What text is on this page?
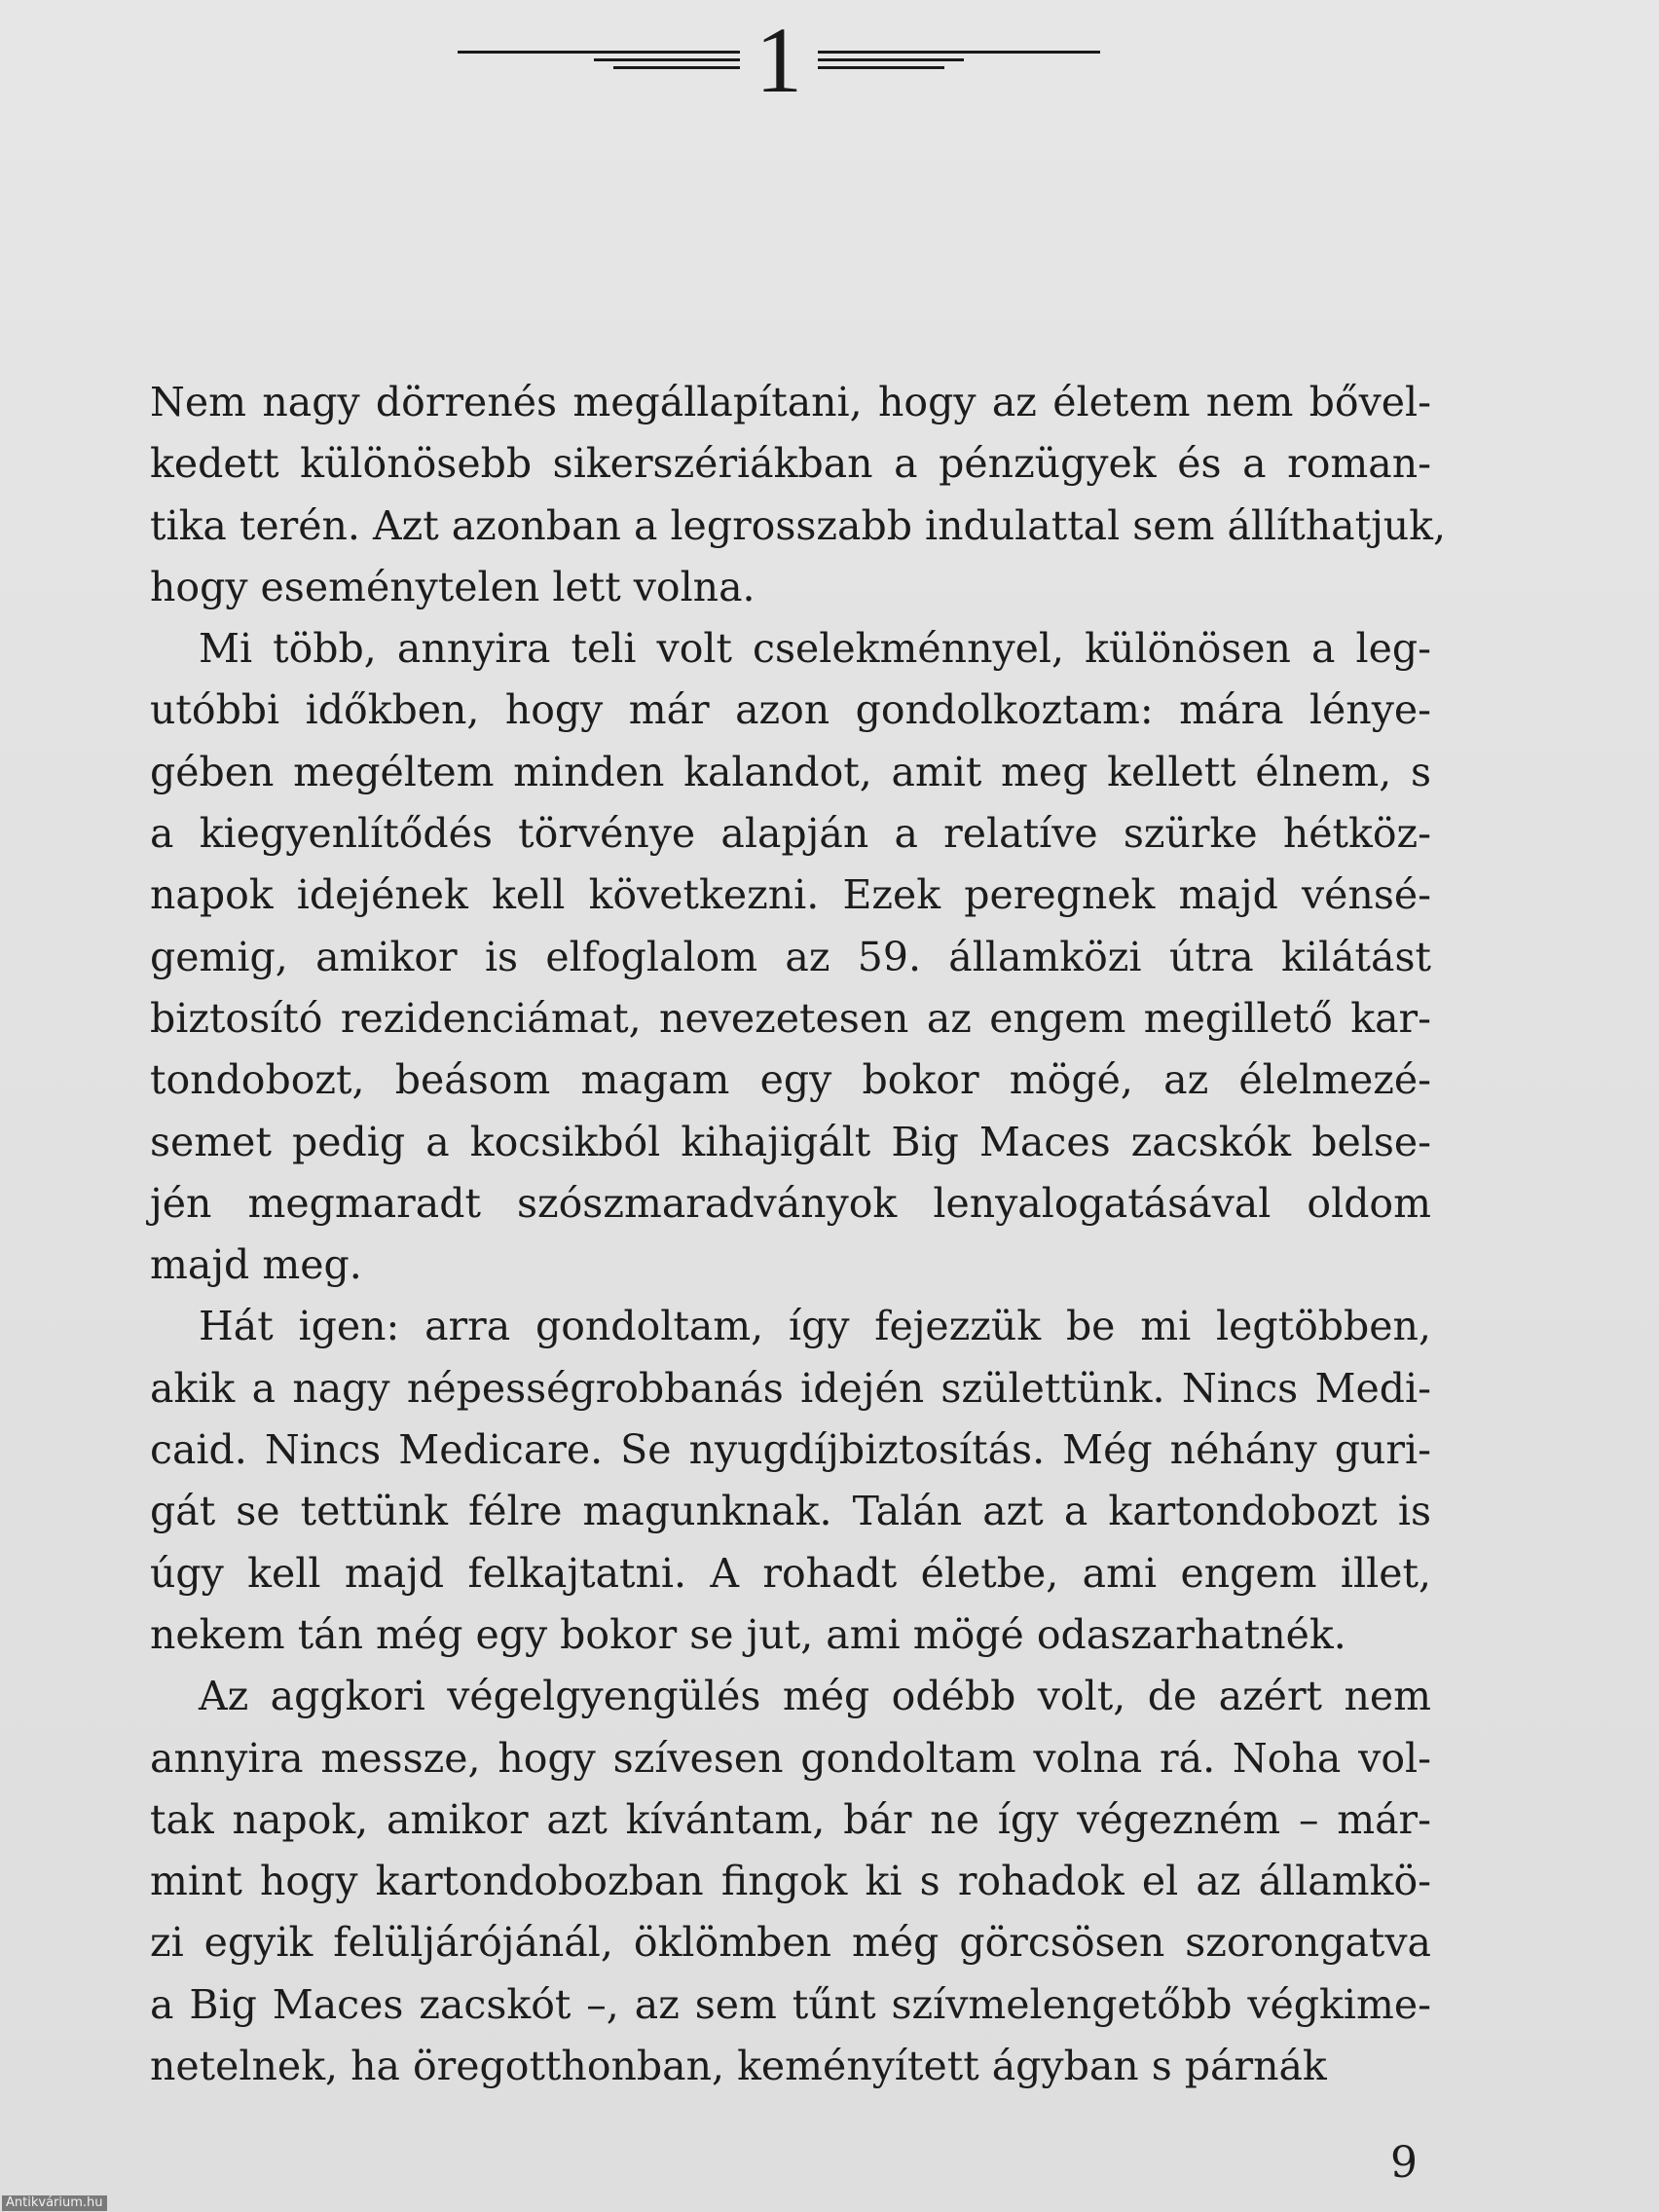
1
Nem nagy dörrenés megállapítani, hogy az életem nem bővel-
kedett különösebb sikerszériákban a pénzügyek és a roman-
tika terén. Azt azonban a legrosszabb indulattal sem állíthatjuk,
hogy eseménytelen lett volna.
Mi több, annyira teli volt cselekménnyel, különösen a leg-
utóbbi időkben, hogy már azon gondolkoztam: mára lénye-
gében megéltem minden kalandot, amit meg kellett élnem, s
a kiegyenlítődés törvénye alapján a relatíve szürke hétköz-
napok idejének kell következni. Ezek peregnek majd vénsé-
gemig, amikor is elfoglalom az 59. államközi útra kilátást
biztosító rezidenciámat, nevezetesen az engem megillető kar-
tondobozt, beásom magam egy bokor mögé, az élelmezé-
semet pedig a kocsikból kihajigált Big Maces zacskók belse-
jén megmaradt szószmaradványok lenyalogatásával oldom
majd meg.
Hát igen: arra gondoltam, így fejezzük be mi legtöbben,
akik a nagy népességrobbanás idején születtünk. Nincs Medi-
caid. Nincs Medicare. Se nyugdíjbiztosítás. Még néhány guri-
gát se tettünk félre magunknak. Talán azt a kartondobozt is
úgy kell majd felkajtatni. A rohadt életbe, ami engem illet,
nekem tán még egy bokor se jut, ami mögé odaszarhatnék.
Az aggkori végelgyengülés még odébb volt, de azért nem
annyira messze, hogy szívesen gondoltam volna rá. Noha vol-
tak napok, amikor azt kívántam, bár ne így végezném – már-
mint hogy kartondobozban fingok ki s rohadok el az államkö-
zi egyik felüljárójánál, öklömben még görcsösen szorongatva
a Big Maces zacskót –, az sem tűnt szívmelengetőbb végkime-
netelnek, ha öregotthonban, keményített ágyban s párnák
9
Antikvárium.hu
